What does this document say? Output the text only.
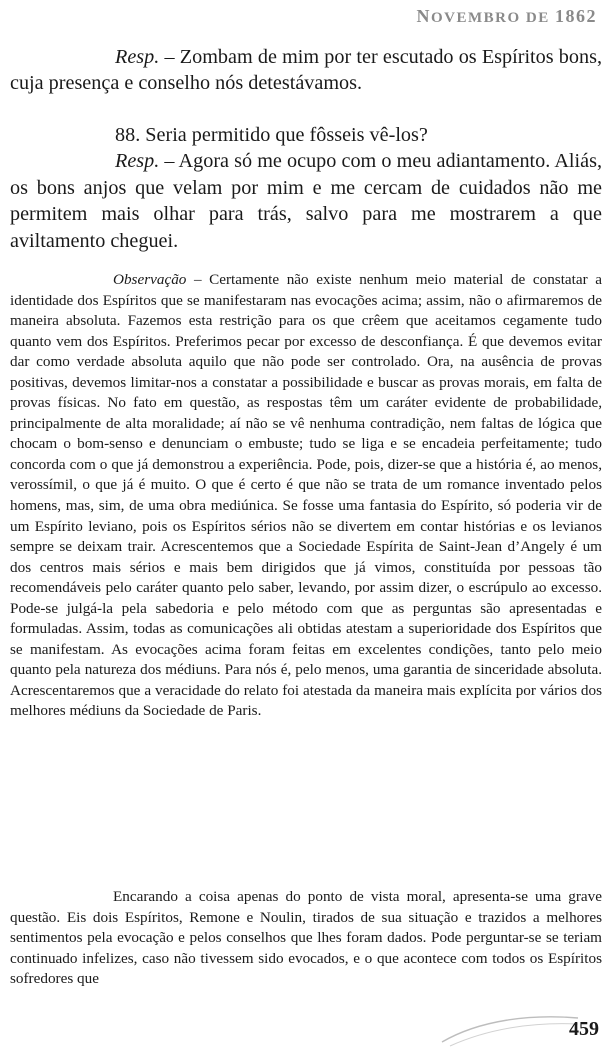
NOVEMBRO DE 1862

Resp. – Zombam de mim por ter escutado os Espíritos bons, cuja presença e conselho nós detestávamos.

88. Seria permitido que fôsseis vê-los?

Resp. – Agora só me ocupo com o meu adiantamento. Aliás, os bons anjos que velam por mim e me cercam de cuidados não me permitem mais olhar para trás, salvo para me mostrarem a que aviltamento cheguei.

Observação – Certamente não existe nenhum meio material de constatar a identidade dos Espíritos que se manifestaram nas evocações acima; assim, não o afirmaremos de maneira absoluta. Fazemos esta restrição para os que crêem que aceitamos cegamente tudo quanto vem dos Espíritos. Preferimos pecar por excesso de desconfiança. É que devemos evitar dar como verdade absoluta aquilo que não pode ser controlado. Ora, na ausência de provas positivas, devemos limitar-nos a constatar a possibilidade e buscar as provas morais, em falta de provas físicas. No fato em questão, as respostas têm um caráter evidente de probabilidade, principalmente de alta moralidade; aí não se vê nenhuma contradição, nem faltas de lógica que chocam o bom-senso e denunciam o embuste; tudo se liga e se encadeia perfeitamente; tudo concorda com o que já demonstrou a experiência. Pode, pois, dizer-se que a história é, ao menos, verossímil, o que já é muito. O que é certo é que não se trata de um romance inventado pelos homens, mas, sim, de uma obra mediúnica. Se fosse uma fantasia do Espírito, só poderia vir de um Espírito leviano, pois os Espíritos sérios não se divertem em contar histórias e os levianos sempre se deixam trair. Acrescentemos que a Sociedade Espírita de Saint-Jean d’Angely é um dos centros mais sérios e mais bem dirigidos que já vimos, constituída por pessoas tão recomendáveis pelo caráter quanto pelo saber, levando, por assim dizer, o escrúpulo ao excesso. Pode-se julgá-la pela sabedoria e pelo método com que as perguntas são apresentadas e formuladas. Assim, todas as comunicações ali obtidas atestam a superioridade dos Espíritos que se manifestam. As evocações acima foram feitas em excelentes condições, tanto pelo meio quanto pela natureza dos médiuns. Para nós é, pelo menos, uma garantia de sinceridade absoluta. Acrescentaremos que a veracidade do relato foi atestada da maneira mais explícita por vários dos melhores médiuns da Sociedade de Paris.

Encarando a coisa apenas do ponto de vista moral, apresenta-se uma grave questão. Eis dois Espíritos, Remone e Noulin, tirados de sua situação e trazidos a melhores sentimentos pela evocação e pelos conselhos que lhes foram dados. Pode perguntar-se se teriam continuado infelizes, caso não tivessem sido evocados, e o que acontece com todos os Espíritos sofredores que

459
